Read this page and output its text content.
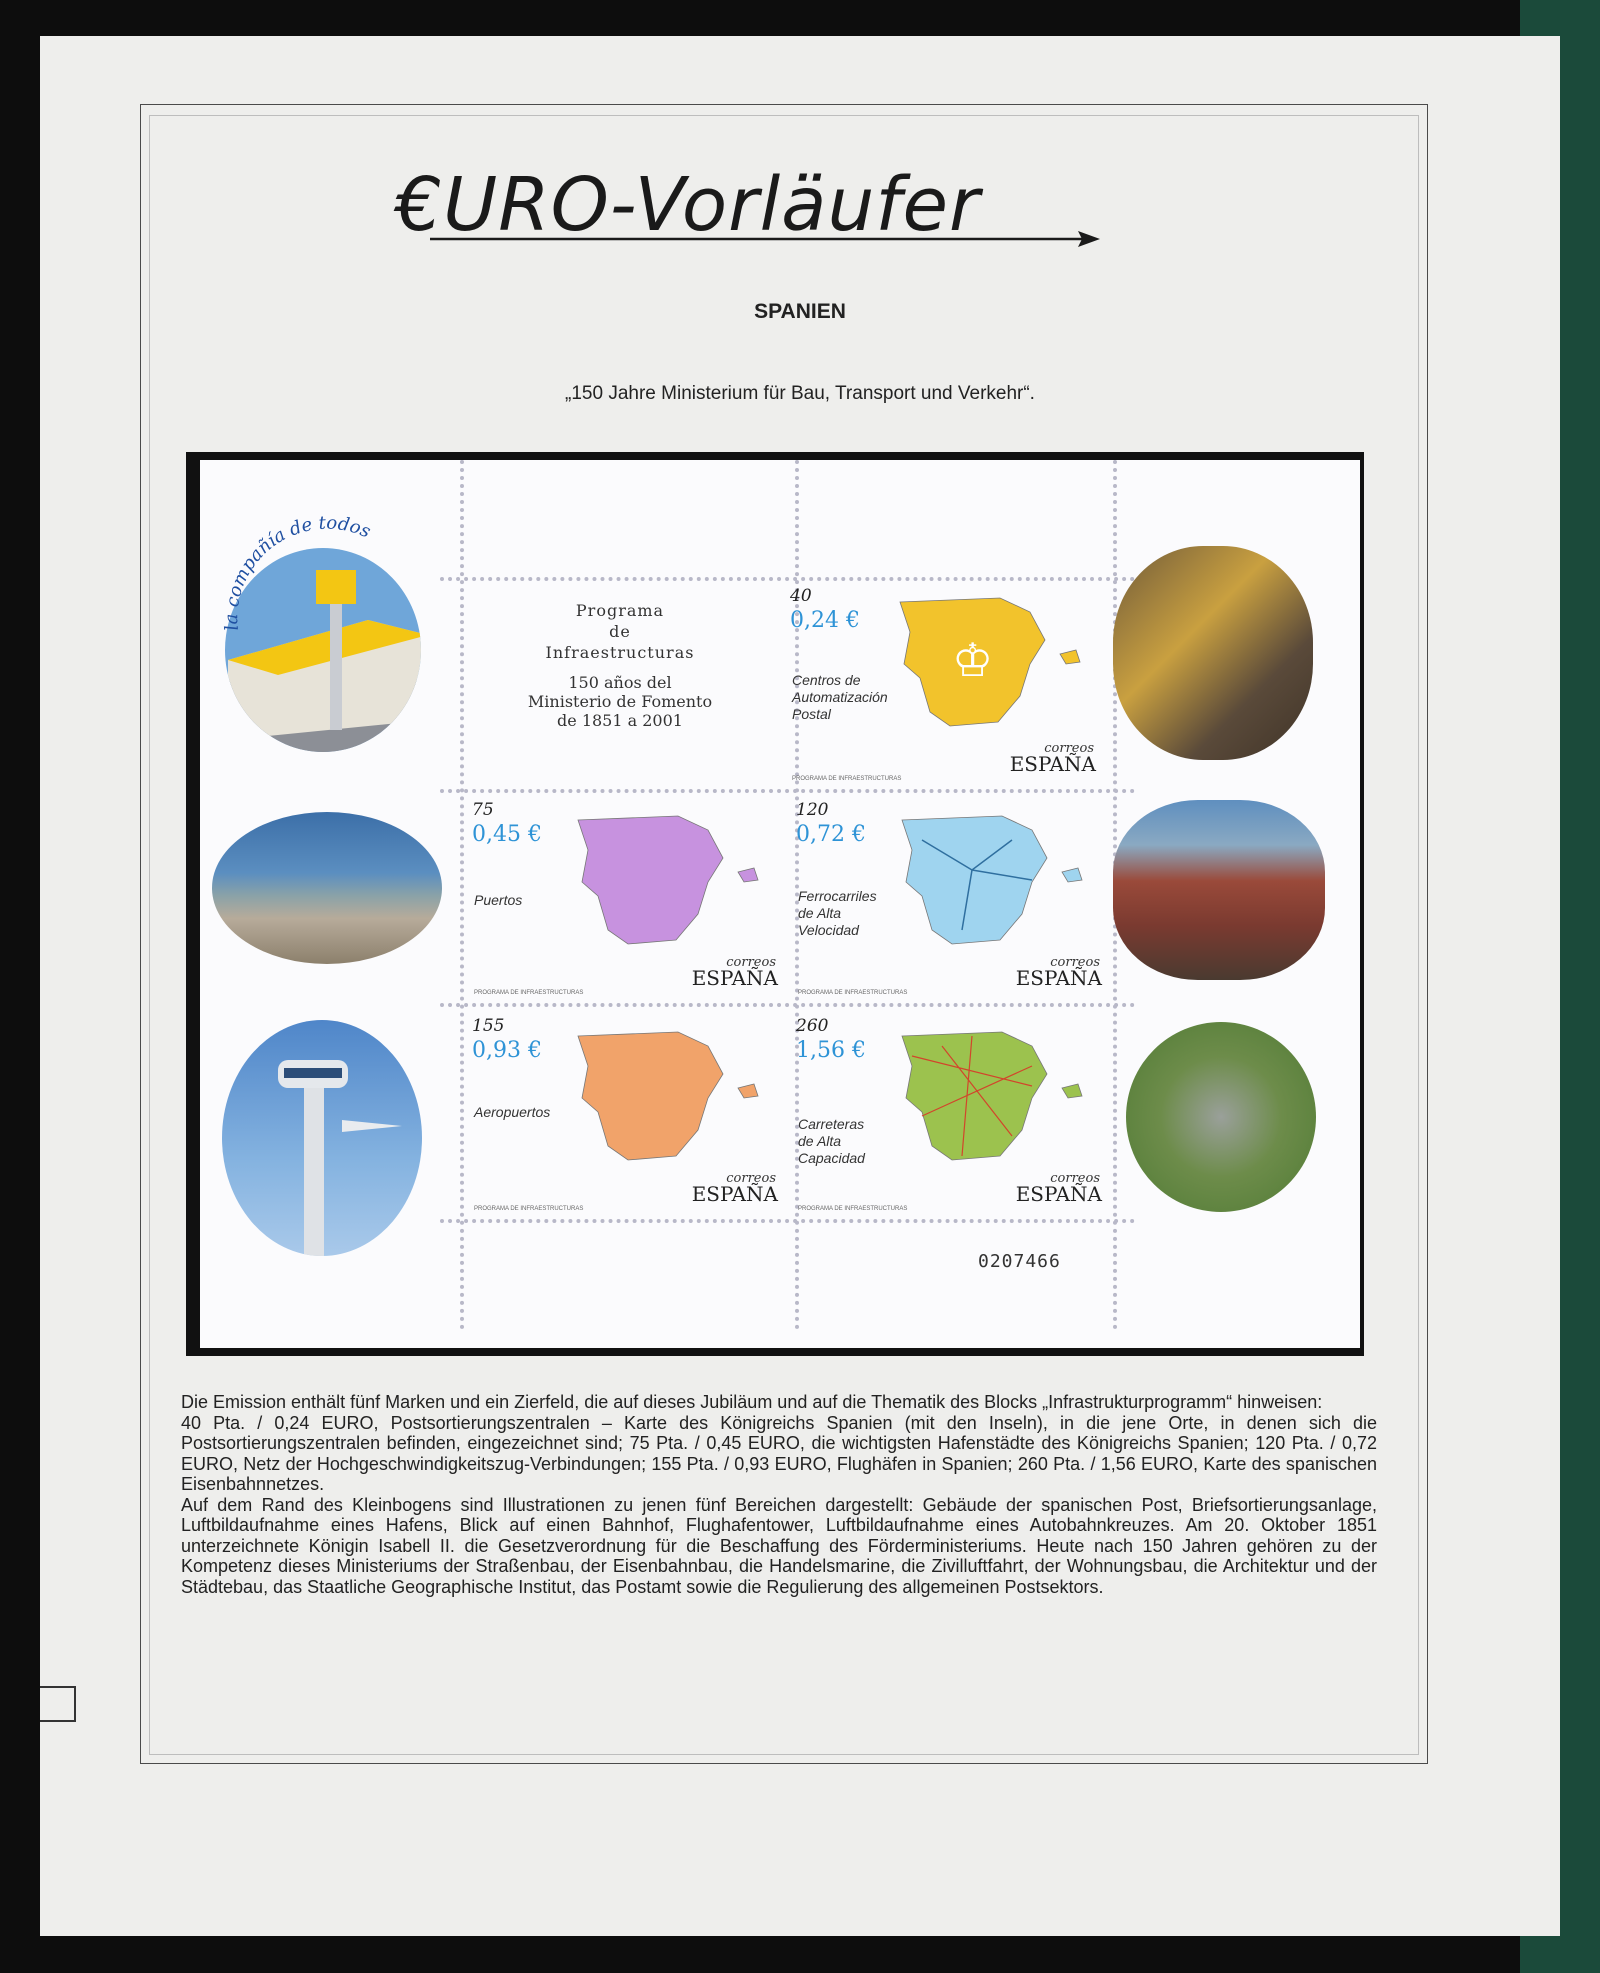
€URO-Vorläufer
SPANIEN
„150 Jahre Ministerium für Bau, Transport und Verkehr“.
la compañía de todos
Programa
de
Infraestructuras
150 años del
Ministerio de Fomento
de 1851 a 2001
40
0,24 €
Centros de
Automatización
Postal
♔
correos
ESPAÑA
PROGRAMA DE INFRAESTRUCTURAS
75
0,45 €
Puertos
correos
ESPAÑA
PROGRAMA DE INFRAESTRUCTURAS
120
0,72 €
Ferrocarriles
de Alta
Velocidad
correos
ESPAÑA
PROGRAMA DE INFRAESTRUCTURAS
155
0,93 €
Aeropuertos
correos
ESPAÑA
PROGRAMA DE INFRAESTRUCTURAS
260
1,56 €
Carreteras
de Alta
Capacidad
correos
ESPAÑA
PROGRAMA DE INFRAESTRUCTURAS
0207466

Die Emission enthält fünf Marken und ein Zierfeld, die auf dieses Jubiläum und auf die Thematik des Blocks „Infrastrukturprogramm“ hinweisen:

40 Pta. / 0,24 EURO, Postsortierungszentralen – Karte des Königreichs Spanien (mit den Inseln), in die jene Orte, in denen sich die Postsortierungszentralen befinden, eingezeichnet sind; 75 Pta. / 0,45 EURO, die wichtigsten Hafenstädte des Königreichs Spanien; 120 Pta. / 0,72 EURO, Netz der Hochgeschwindigkeitszug-Verbindungen; 155 Pta. / 0,93 EURO, Flughäfen in Spanien; 260 Pta. / 1,56 EURO, Karte des spanischen Eisenbahnnetzes.

Auf dem Rand des Kleinbogens sind Illustrationen zu jenen fünf Bereichen dargestellt: Gebäude der spanischen Post, Briefsortierungsanlage, Luftbildaufnahme eines Hafens, Blick auf einen Bahnhof, Flughafentower, Luftbildaufnahme eines Autobahnkreuzes. Am 20. Oktober 1851 unterzeichnete Königin Isabell II. die Gesetzverordnung für die Beschaffung des Förderministeriums. Heute nach 150 Jahren gehören zu der Kompetenz dieses Ministeriums der Straßenbau, der Eisenbahnbau, die Handelsmarine, die Zivilluftfahrt, der Wohnungsbau, die Architektur und der Städtebau, das Staatliche Geographische Institut, das Postamt sowie die Regulierung des allgemeinen Postsektors.
